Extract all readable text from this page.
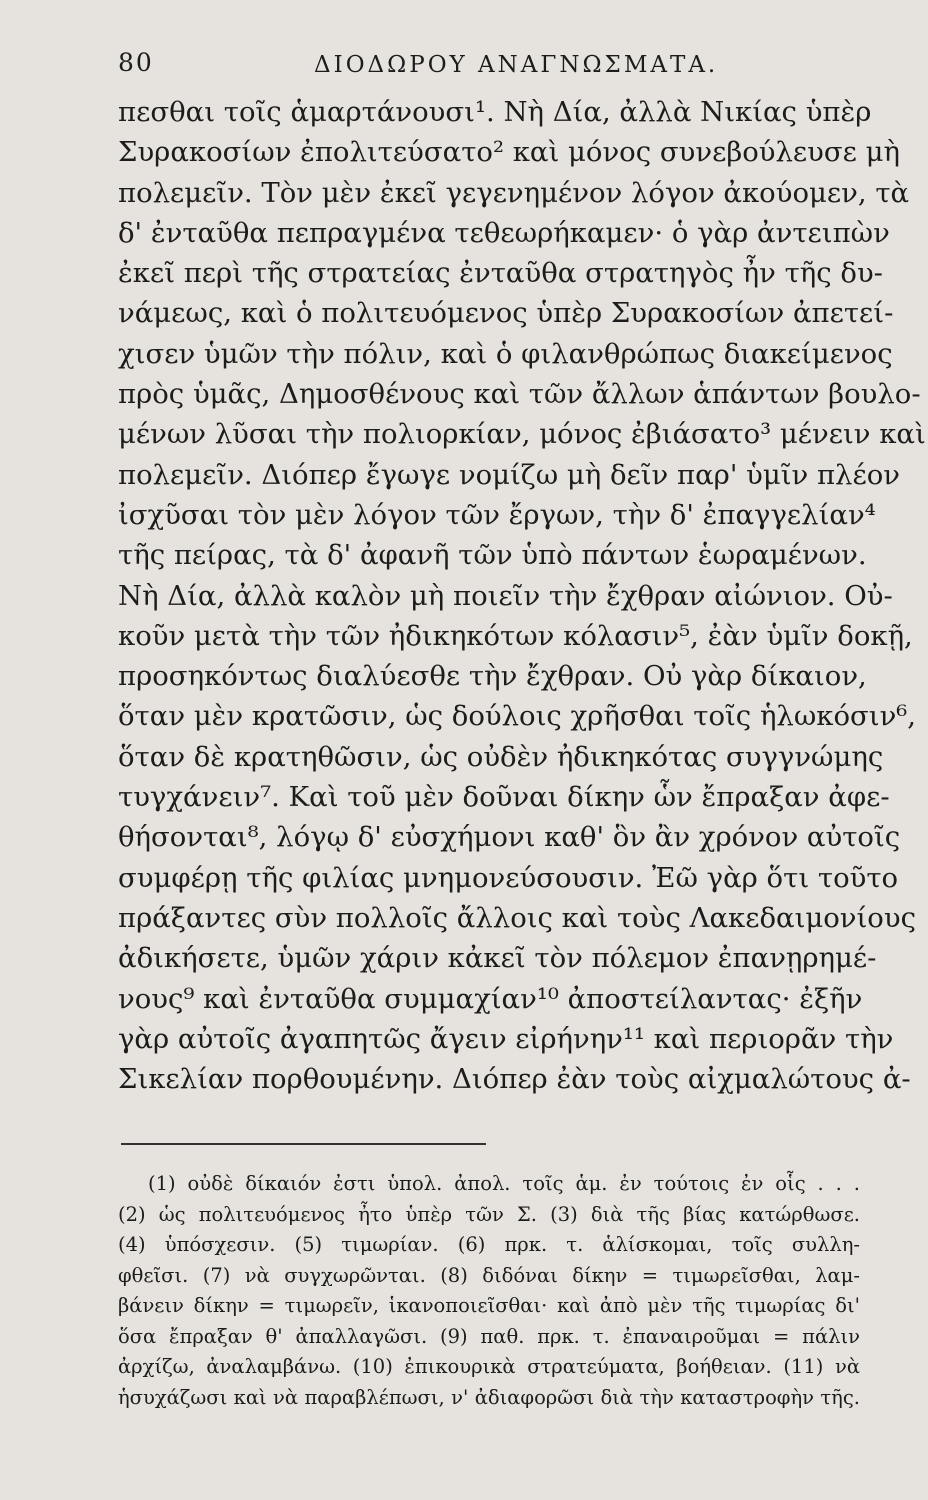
80	ΔΙΟΔΩΡΟΥ ΑΝΑΓΝΩΣΜΑΤΑ.
πεσθαι τοῖς ἁμαρτάνουσι¹. Νὴ Δία, ἀλλὰ Νικίας ὑπὲρ
Συρακοσίων ἐπολιτεύσατο² καὶ μόνος συνεβούλευσε μὴ
πολεμεῖν. Τὸν μὲν ἐκεῖ γεγενημένον λόγον ἀκούομεν, τὰ
δ' ἐνταῦθα πεπραγμένα τεθεωρήκαμεν· ὁ γὰρ ἀντειπὼν
ἐκεῖ περὶ τῆς στρατείας ἐνταῦθα στρατηγὸς ἦν τῆς δυ-
νάμεως, καὶ ὁ πολιτευόμενος ὑπὲρ Συρακοσίων ἀπετεί-
χισεν ὑμῶν τὴν πόλιν, καὶ ὁ φιλανθρώπως διακείμενος
πρὸς ὑμᾶς, Δημοσθένους καὶ τῶν ἄλλων ἁπάντων βουλο-
μένων λῦσαι τὴν πολιορκίαν, μόνος ἐβιάσατο³ μένειν καὶ
πολεμεῖν. Διόπερ ἔγωγε νομίζω μὴ δεῖν παρ' ὑμῖν πλέον
ἰσχῦσαι τὸν μὲν λόγον τῶν ἔργων, τὴν δ' ἐπαγγελίαν⁴
τῆς πείρας, τὰ δ' ἀφανῆ τῶν ὑπὸ πάντων ἑωραμένων.
Νὴ Δία, ἀλλὰ καλὸν μὴ ποιεῖν τὴν ἔχθραν αἰώνιον. Οὐ-
κοῦν μετὰ τὴν τῶν ἠδικηκότων κόλασιν⁵, ἐὰν ὑμῖν δοκῇ,
προσηκόντως διαλύεσθε τὴν ἔχθραν. Οὐ γὰρ δίκαιον,
ὅταν μὲν κρατῶσιν, ὡς δούλοις χρῆσθαι τοῖς ἡλωκόσιν⁶,
ὅταν δὲ κρατηθῶσιν, ὡς οὐδὲν ἠδικηκότας συγγνώμης
τυγχάνειν⁷. Καὶ τοῦ μὲν δοῦναι δίκην ὧν ἔπραξαν ἀφε-
θήσονται⁸, λόγῳ δ' εὐσχήμονι καθ' ὃν ἂν χρόνον αὐτοῖς
συμφέρῃ τῆς φιλίας μνημονεύσουσιν. Ἐῶ γὰρ ὅτι τοῦτο
πράξαντες σὺν πολλοῖς ἄλλοις καὶ τοὺς Λακεδαιμονίους
ἀδικήσετε, ὑμῶν χάριν κἀκεῖ τὸν πόλεμον ἐπανῃρημέ-
νους⁹ καὶ ἐνταῦθα συμμαχίαν¹⁰ ἀποστείλαντας· ἐξῆν
γὰρ αὐτοῖς ἀγαπητῶς ἄγειν εἰρήνην¹¹ καὶ περιορᾶν τὴν
Σικελίαν πορθουμένην. Διόπερ ἐὰν τοὺς αἰχμαλώτους ἀ-
(1) οὐδὲ δίκαιόν ἐστι ὑπολ. ἀπολ. τοῖς ἁμ. ἐν τούτοις ἐν οἷς . . .
(2) ὡς πολιτευόμενος ἦτο ὑπὲρ τῶν Σ. (3) διὰ τῆς βίας κατώρθωσε.
(4) ὑπόσχεσιν. (5) τιμωρίαν. (6) πρκ. τ. ἁλίσκομαι, τοῖς συλλη-
φθεῖσι. (7) νὰ συγχωρῶνται. (8) διδόναι δίκην = τιμωρεῖσθαι, λαμ-
βάνειν δίκην = τιμωρεῖν, ἱκανοποιεῖσθαι· καὶ ἀπὸ μὲν τῆς τιμωρίας δι'
ὅσα ἔπραξαν θ' ἀπαλλαγῶσι. (9) παθ. πρκ. τ. ἐπαναιροῦμαι = πάλιν
ἀρχίζω, ἀναλαμβάνω. (10) ἐπικουρικὰ στρατεύματα, βοήθειαν. (11) νὰ
ἡσυχάζωσι καὶ νὰ παραβλέπωσι, ν' ἀδιαφορῶσι διὰ τὴν καταστροφὴν τῆς.
